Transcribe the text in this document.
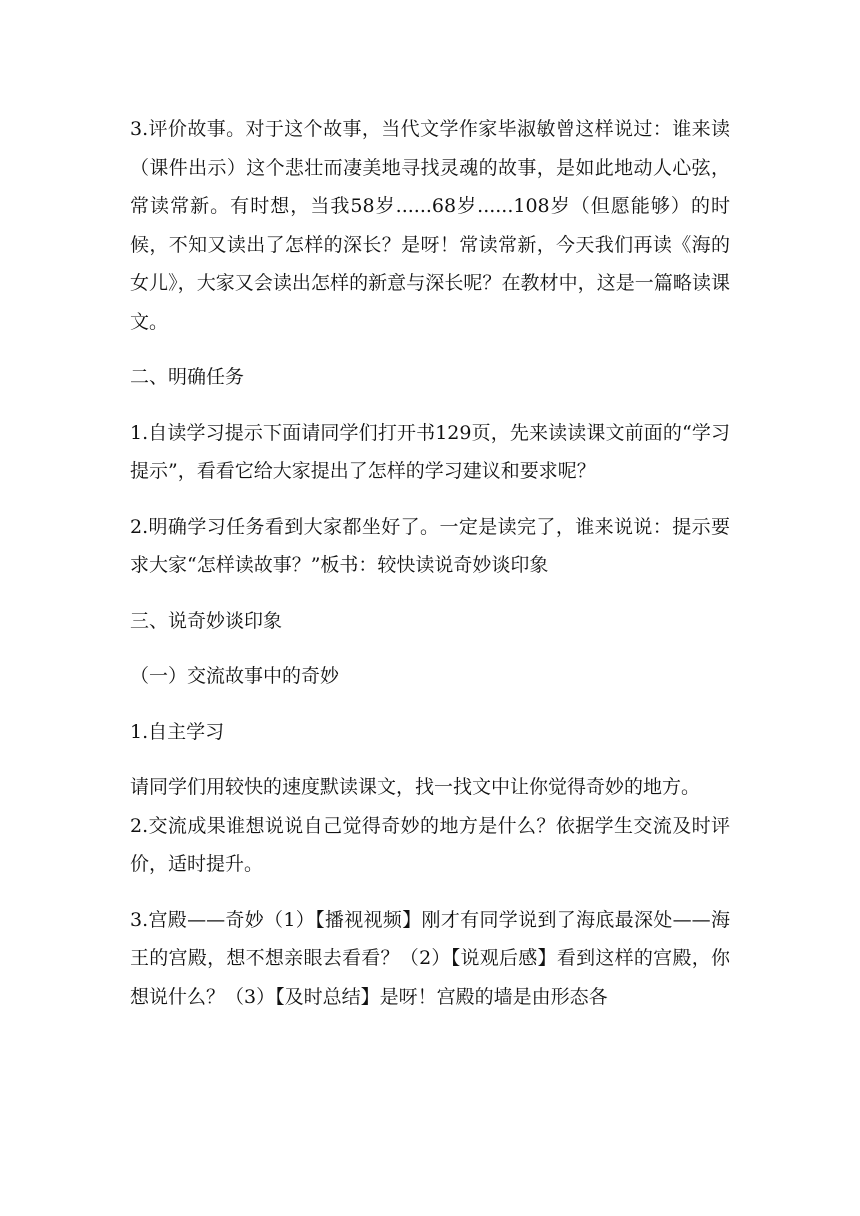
3.评价故事。对于这个故事，当代文学作家毕淑敏曾这样说过：谁来读（课件出示）这个悲壮而凄美地寻找灵魂的故事，是如此地动人心弦，常读常新。有时想，当我58岁......68岁......108岁（但愿能够）的时候，不知又读出了怎样的深长？是呀！常读常新，今天我们再读《海的女儿》，大家又会读出怎样的新意与深长呢？在教材中，这是一篇略读课文。

二、明确任务

1.自读学习提示下面请同学们打开书129页，先来读读课文前面的“学习提示”，看看它给大家提出了怎样的学习建议和要求呢？

2.明确学习任务看到大家都坐好了。一定是读完了，谁来说说：提示要求大家“怎样读故事？”板书：较快读说奇妙谈印象

三、说奇妙谈印象

（一）交流故事中的奇妙

1.自主学习

请同学们用较快的速度默读课文，找一找文中让你觉得奇妙的地方。

2.交流成果谁想说说自己觉得奇妙的地方是什么？依据学生交流及时评价，适时提升。

3.宫殿——奇妙（1）【播视视频】刚才有同学说到了海底最深处——海王的宫殿，想不想亲眼去看看？（2）【说观后感】看到这样的宫殿，你想说什么？（3）【及时总结】是呀！宫殿的墙是由形态各
